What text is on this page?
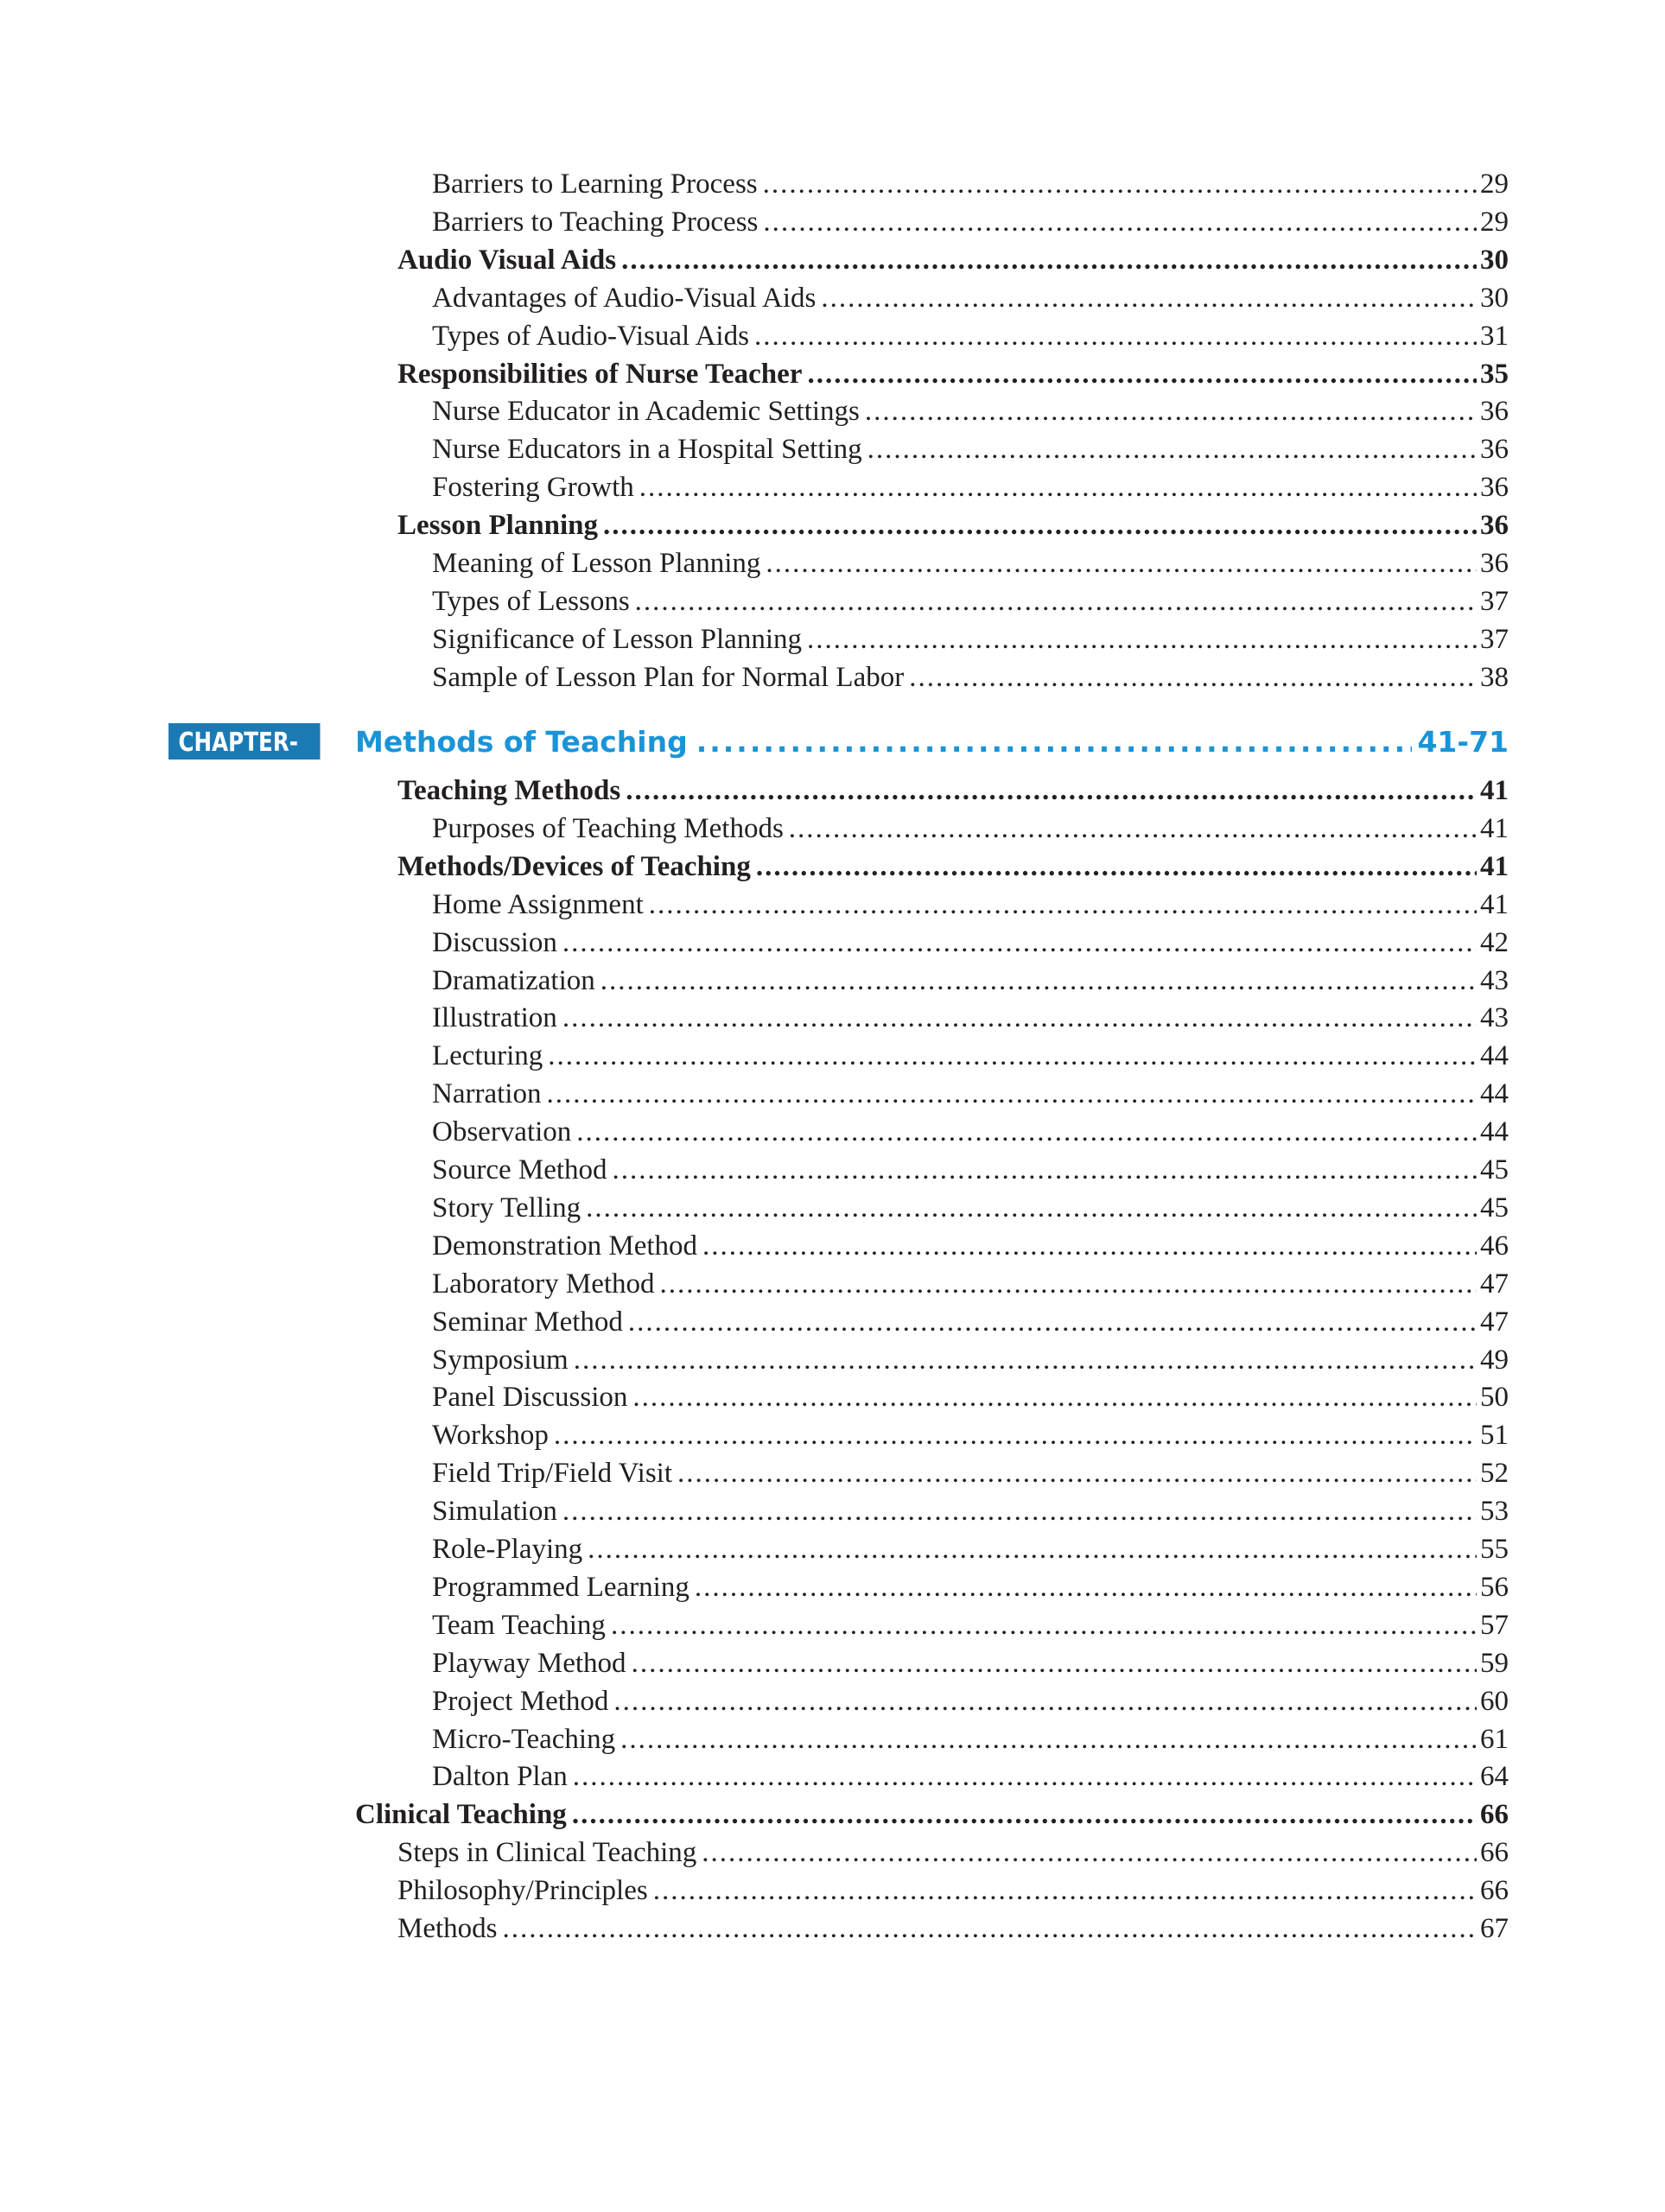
Barriers to Learning Process .....	29
Barriers to Teaching Process .....	29
Audio Visual Aids .....	30
Advantages of Audio-Visual Aids .....	30
Types of Audio-Visual Aids .....	31
Responsibilities of Nurse Teacher .....	35
Nurse Educator in Academic Settings .....	36
Nurse Educators in a Hospital Setting .....	36
Fostering Growth .....	36
Lesson Planning .....	36
Meaning of Lesson Planning .....	36
Types of Lessons .....	37
Significance of Lesson Planning .....	37
Sample of Lesson Plan for Normal Labor .....	38
CHAPTER-3
Methods of Teaching .....	41-71
Teaching Methods .....	41
Purposes of Teaching Methods .....	41
Methods/Devices of Teaching .....	41
Home Assignment .....	41
Discussion .....	42
Dramatization .....	43
Illustration .....	43
Lecturing .....	44
Narration .....	44
Observation .....	44
Source Method .....	45
Story Telling .....	45
Demonstration Method .....	46
Laboratory Method .....	47
Seminar Method .....	47
Symposium .....	49
Panel Discussion .....	50
Workshop .....	51
Field Trip/Field Visit .....	52
Simulation .....	53
Role-Playing .....	55
Programmed Learning .....	56
Team Teaching .....	57
Playway Method .....	59
Project Method .....	60
Micro-Teaching .....	61
Dalton Plan .....	64
Clinical Teaching .....	66
Steps in Clinical Teaching .....	66
Philosophy/Principles .....	66
Methods .....	67
